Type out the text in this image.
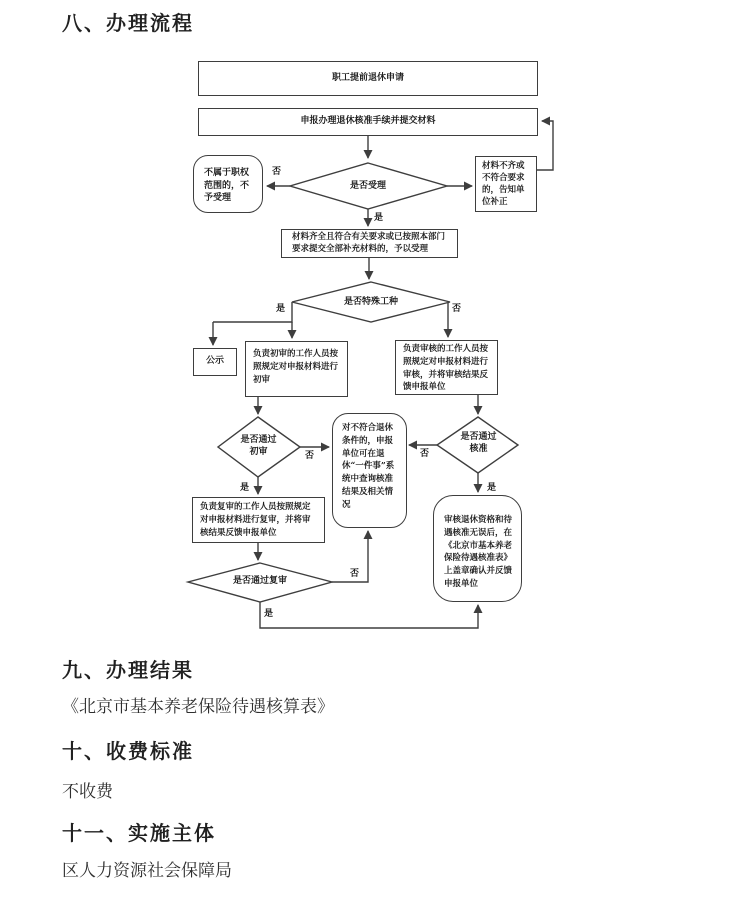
八、办理流程
职工提前退休申请
申报办理退休核准手续并提交材料
不属于职权范围的，不予受理
材料不齐或不符合要求的，告知单位补正
材料齐全且符合有关要求或已按照本部门要求提交全部补充材料的，予以受理
公示
负责初审的工作人员按照规定对申报材料进行初审
负责审核的工作人员按照规定对申报材料进行审核，并将审核结果反馈申报单位
对不符合退休条件的，申报单位可在退休“一件事”系统中查询核准结果及相关情况
负责复审的工作人员按照规定对申报材料进行复审，并将审核结果反馈申报单位
审核退休资格和待遇核准无误后，在《北京市基本养老保险待遇核准表》上盖章确认并反馈申报单位
是否受理
是否特殊工种
是否通过初审
是否通过核准
是否通过复审
否
是
是	否
否
是
否
是
否
是
九、办理结果
《北京市基本养老保险待遇核算表》
十、收费标准
不收费
十一、实施主体
区人力资源社会保障局
